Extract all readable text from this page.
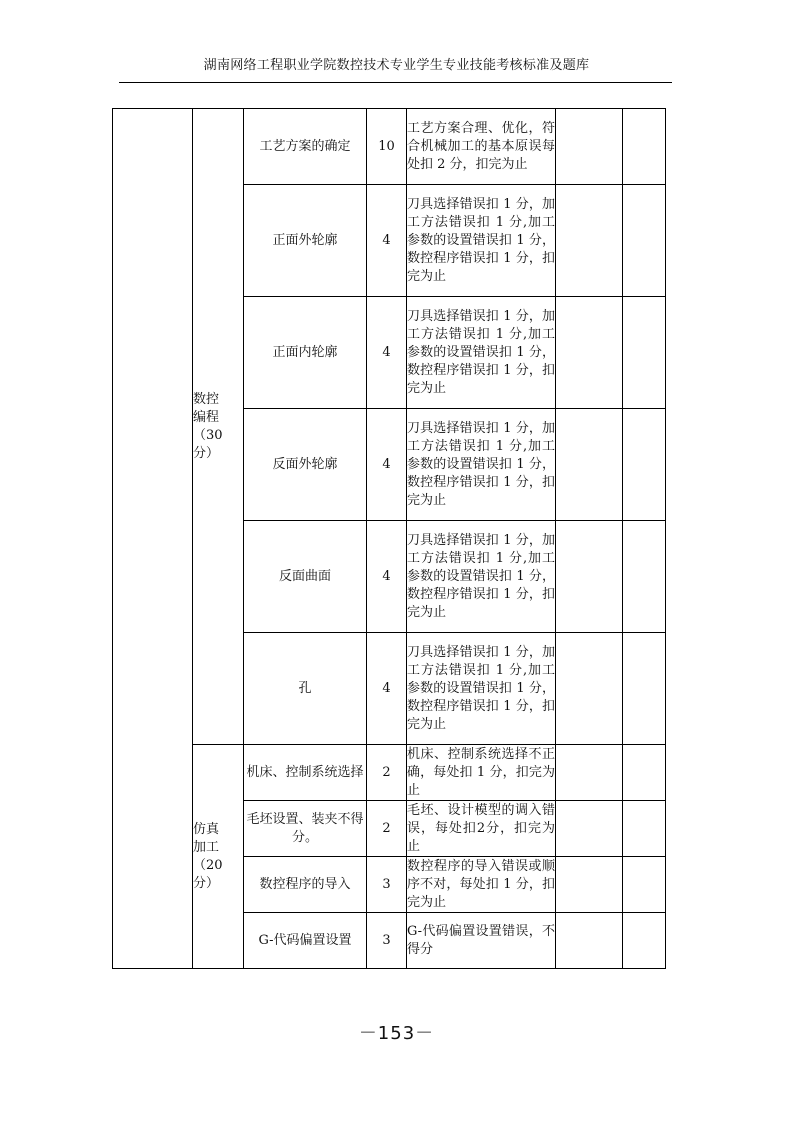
湖南网络工程职业学院数控技术专业学生专业技能考核标准及题库
	数控
编程
（30
分）	工艺方案的确定	10	工艺方案合理、优化，符合机械加工的基本原误每处扣 2 分，扣完为止		
		正面外轮廓	4	刀具选择错误扣 1 分，加工方法错误扣 1 分,加工参数的设置错误扣 1 分，数控程序错误扣 1 分，扣完为止		
		正面内轮廓	4	刀具选择错误扣 1 分，加工方法错误扣 1 分,加工参数的设置错误扣 1 分，数控程序错误扣 1 分，扣完为止		
		反面外轮廓	4	刀具选择错误扣 1 分，加工方法错误扣 1 分,加工参数的设置错误扣 1 分，数控程序错误扣 1 分，扣完为止		
		反面曲面	4	刀具选择错误扣 1 分，加工方法错误扣 1 分,加工参数的设置错误扣 1 分，数控程序错误扣 1 分，扣完为止		
		孔	4	刀具选择错误扣 1 分，加工方法错误扣 1 分,加工参数的设置错误扣 1 分，数控程序错误扣 1 分，扣完为止		
	仿真
加工
（20
分）	机床、控制系统选择	2	机床、控制系统选择不正确，每处扣 1 分，扣完为止		
		毛坯设置、装夹不得分。	2	毛坯、设计模型的调入错误，每处扣2分，扣完为止		
		数控程序的导入	3	数控程序的导入错误或顺序不对，每处扣 1 分，扣完为止		
		G-代码偏置设置	3	G-代码偏置设置错误，不得分		
－153－
